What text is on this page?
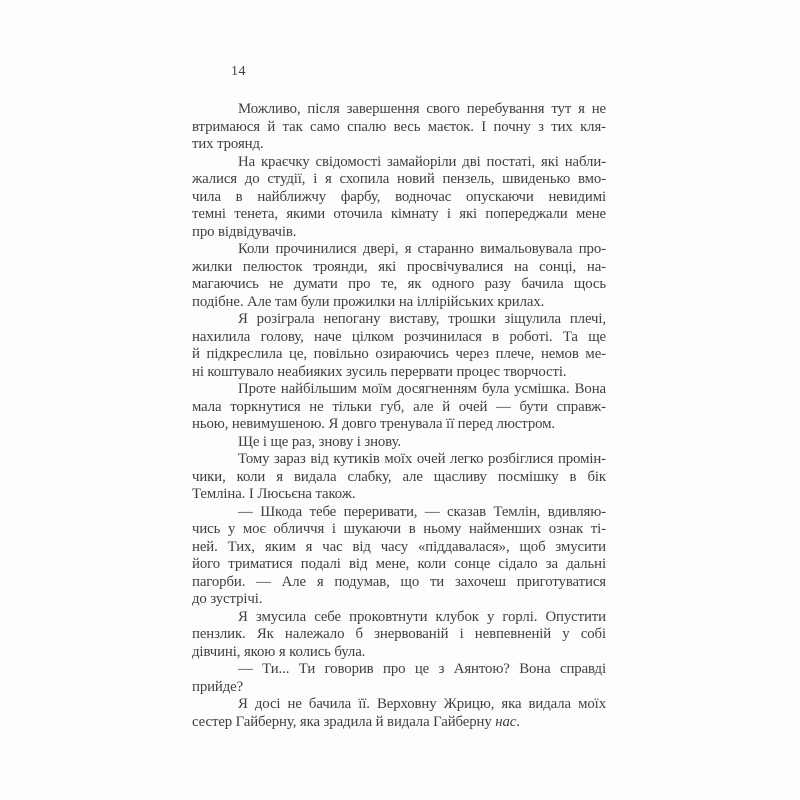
14

Можливо, після завершення свого перебування тут я не
втримаюся й так само спалю весь маєток. І почну з тих кля-
тих троянд.

На краєчку свідомості замайоріли дві постаті, які набли-
жалися до студії, і я схопила новий пензель, швиденько вмо-
чила в найближчу фарбу, водночас опускаючи невидимі
темні тенета, якими оточила кімнату і які попереджали мене
про відвідувачів.

Коли прочинилися двері, я старанно вимальовувала про-
жилки пелюсток троянди, які просвічувалися на сонці, на-
магаючись не думати про те, як одного разу бачила щось
подібне. Але там були прожилки на іллірійських крилах.

Я розіграла непогану виставу, трошки зіщулила плечі,
нахилила голову, наче цілком розчинилася в роботі. Та ще
й підкреслила це, повільно озираючись через плече, немов ме-
ні коштувало неабияких зусиль перервати процес творчості.

Проте найбільшим моїм досягненням була усмішка. Вона
мала торкнутися не тільки губ, але й очей — бути справж-
ньою, невимушеною. Я довго тренувала її перед люстром.

Ще і ще раз, знову і знову.

Тому зараз від кутиків моїх очей легко розбіглися промін-
чики, коли я видала слабку, але щасливу посмішку в бік
Темліна. І Люсьєна також.

— Шкода тебе переривати, — сказав Темлін, вдивляю-
чись у моє обличчя і шукаючи в ньому найменших ознак ті-
ней. Тих, яким я час від часу «піддавалася», щоб змусити
його триматися подалі від мене, коли сонце сідало за дальні
пагорби. — Але я подумав, що ти захочеш приготуватися
до зустрічі.

Я змусила себе проковтнути клубок у горлі. Опустити
пензлик. Як належало б знервованій і невпевненій у собі
дівчині, якою я колись була.

— Ти... Ти говорив про це з Аянтою? Вона справді прийде?

Я досі не бачила її. Верховну Жрицю, яка видала моїх
сестер Гайберну, яка зрадила й видала Гайберну нас.
